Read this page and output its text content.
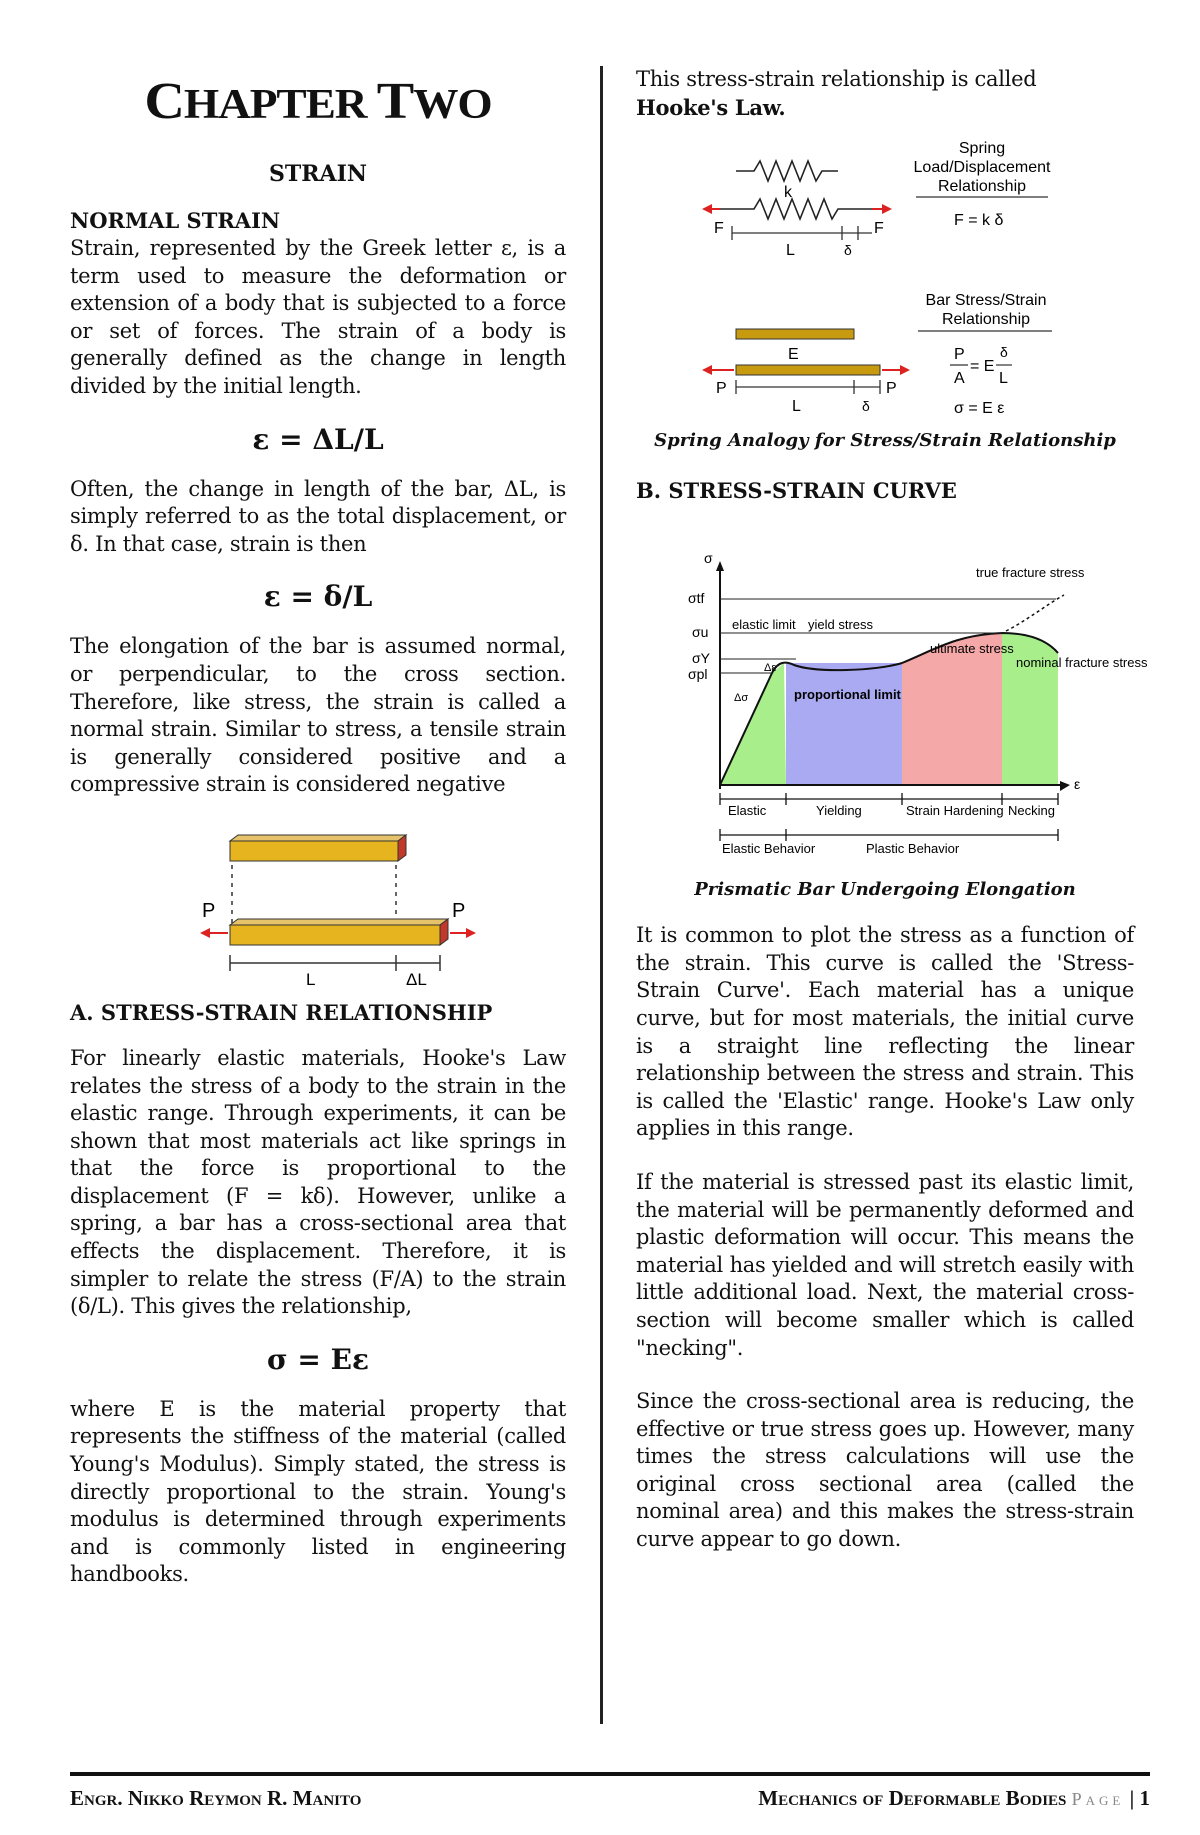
CHAPTER TWO
STRAIN
NORMAL STRAIN

Strain, represented by the Greek letter ε, is a term used to measure the deformation or extension of a body that is subjected to a force or set of forces. The strain of a body is generally defined as the change in length divided by the initial length.

ε = ΔL/L

Often, the change in length of the bar, ΔL, is simply referred to as the total displacement, or δ. In that case, strain is then

ε = δ/L

The elongation of the bar is assumed normal, or perpendicular, to the cross section. Therefore, like stress, the strain is called a normal strain. Similar to stress, a tensile strain is generally considered positive and a compressive strain is considered negative

P	P
L	ΔL
A. STRESS-STRAIN RELATIONSHIP

For linearly elastic materials, Hooke's Law relates the stress of a body to the strain in the elastic range. Through experiments, it can be shown that most materials act like springs in that the force is proportional to the displacement (F = kδ). However, unlike a spring, a bar has a cross-sectional area that effects the displacement. Therefore, it is simpler to relate the stress (F/A) to the strain (δ/L). This gives the relationship,

σ = Eε

where E is the material property that represents the stiffness of the material (called Young's Modulus). Simply stated, the stress is directly proportional to the strain. Young's modulus is determined through experiments and is commonly listed in engineering handbooks.

This stress-strain relationship is called

Hooke's Law.

Spring
Load/Displacement
Relationship
F = k δ
k
F	F
L	δ
Bar Stress/Strain
Relationship
E
P	P
L	δ
P
A
= E
δ
L
σ = E ε
Spring Analogy for Stress/Strain Relationship
B. STRESS-STRAIN CURVE
σ
σtf
σu
σY
σpl
ε
true fracture stress
elastic limit yield stress
ultimate stress
nominal fracture stress
proportional limit
Δε
Δσ
Elastic	Yielding	Strain Hardening Necking
Elastic Behavior	Plastic Behavior
Prismatic Bar Undergoing Elongation

It is common to plot the stress as a function of the strain. This curve is called the 'Stress-Strain Curve'. Each material has a unique curve, but for most materials, the initial curve is a straight line reflecting the linear relationship between the stress and strain. This is called the 'Elastic' range. Hooke's Law only applies in this range.

If the material is stressed past its elastic limit, the material will be permanently deformed and plastic deformation will occur. This means the material has yielded and will stretch easily with little additional load. Next, the material cross-section will become smaller which is called "necking".

Since the cross-sectional area is reducing, the effective or true stress goes up. However, many times the stress calculations will use the original cross sectional area (called the nominal area) and this makes the stress-strain curve appear to go down.

Engr. Nikko Reymon R. Manito	Mechanics of Deformable Bodies Page | 1
